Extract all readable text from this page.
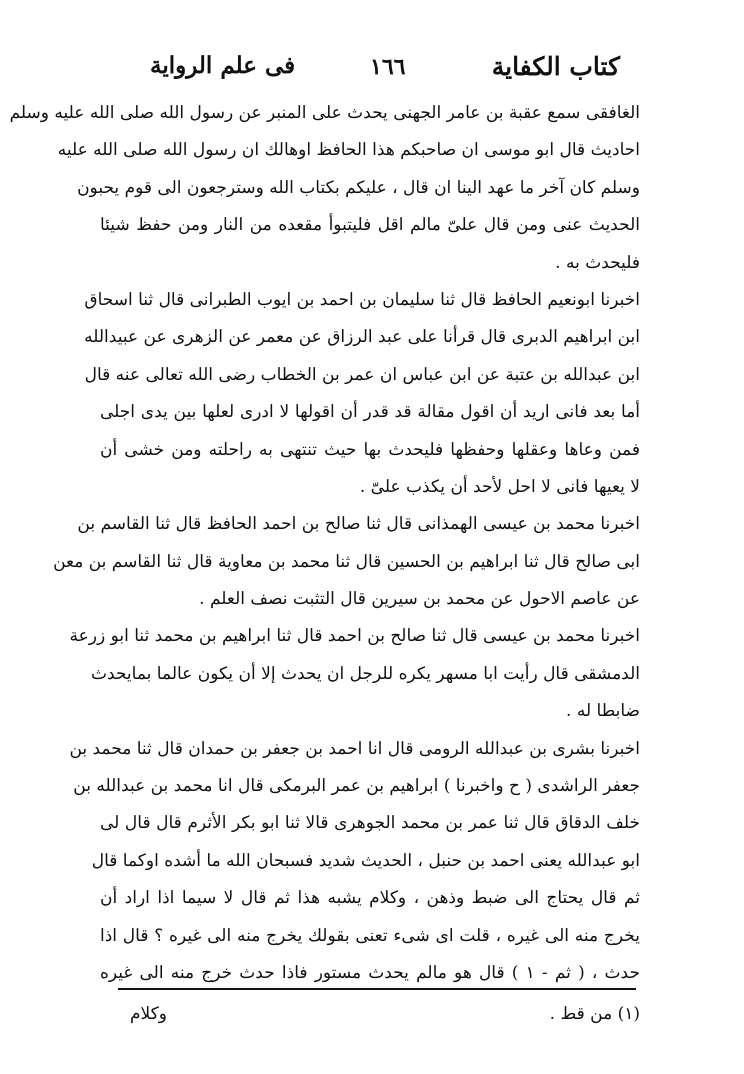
كتاب الكفاية
١٦٦
فى علم الرواية
الغافقى سمع عقبة بن عامر الجهنى يحدث على المنبر عن رسول الله صلى الله عليه وسلم
احاديث قال ابو موسى ان صاحبكم هذا الحافظ اوهالك ان رسول الله صلى الله عليه
وسلم كان آخر ما عهد الينا ان قال ، عليكم بكتاب الله وسترجعون الى قوم يحبون
الحديث عنى ومن قال علىّ مالم اقل فليتبوأ مقعده من النار ومن حفظ شيئا
فليحدث به .
اخبرنا ابونعيم الحافظ قال ثنا سليمان بن احمد بن ايوب الطبرانى قال ثنا اسحاق
ابن ابراهيم الدبرى قال قرأنا على عبد الرزاق عن معمر عن الزهرى عن عبيدالله
ابن عبدالله بن عتبة عن ابن عباس ان عمر بن الخطاب رضى الله تعالى عنه قال
أما بعد فانى اريد أن اقول مقالة قد قدر أن اقولها لا ادرى لعلها بين يدى اجلى
فمن وعاها وعقلها وحفظها فليحدث بها حيث تنتهى به راحلته ومن خشى أن
لا يعيها فانى لا احل لأحد أن يكذب علىّ .
اخبرنا محمد بن عيسى الهمذانى قال ثنا صالح بن احمد الحافظ قال ثنا القاسم بن
ابى صالح قال ثنا ابراهيم بن الحسين قال ثنا محمد بن معاوية قال ثنا القاسم بن معن
عن عاصم الاحول عن محمد بن سيرين قال التثبت نصف العلم .
اخبرنا محمد بن عيسى قال ثنا صالح بن احمد قال ثنا ابراهيم بن محمد ثنا ابو زرعة
الدمشقى قال رأيت ابا مسهر يكره للرجل ان يحدث إلا أن يكون عالما بمايحدث
ضابطا له .
اخبرنا بشرى بن عبدالله الرومى قال انا احمد بن جعفر بن حمدان قال ثنا محمد بن
جعفر الراشدى ( ح واخبرنا ) ابراهيم بن عمر البرمكى قال انا محمد بن عبدالله بن
خلف الدقاق قال ثنا عمر بن محمد الجوهرى قالا ثنا ابو بكر الأثرم قال قال لى
ابو عبدالله يعنى احمد بن حنبل ، الحديث شديد فسبحان الله ما أشده اوكما قال
ثم قال يحتاج الى ضبط وذهن ، وكلام يشبه هذا ثم قال لا سيما اذا اراد أن
يخرج منه الى غيره ، قلت اى شىء تعنى بقولك يخرج منه الى غيره ؟ قال اذا
حدث ، ( ثم - ١ ) قال هو مالم يحدث مستور فاذا حدث خرج منه الى غيره
(١) من قط .
وكلام
